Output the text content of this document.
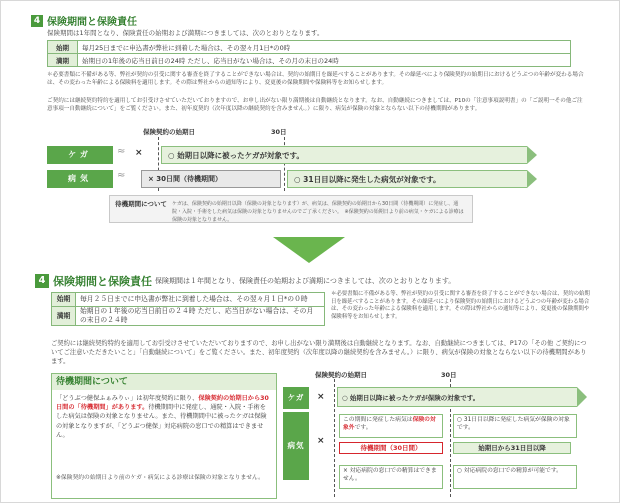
4 保険期間と保険責任
保険期間は1年間となり、保険責任の始期および満期につきましては、次のとおりとなります。
始期	毎月25日までに申込書が弊社に到着した場合は、その翌々月1日*の0時
満期	始期日の1年後の応当日前日の24時 ただし、応当日がない場合は、その月の末日の24時
＊必要書類に不備がある等、弊社が契約の引受に関する審査を終了することができない場合は、契約の始期日を繰延べすることがあります。その繰延べにより保険契約の始期日におけるどうぶつの年齢が変わる場合は、その変わった年齢による保険料を適用します。その際は弊社からの通知等により、変更後の保険期間や保険料等をお知らせします。
ご契約には継続契約特約を適用してお引受けさせていただいておりますので、お申し出がない限り満期後は自動継続となります。なお、自動継続につきましては、P10の「注意事項説明書」の「ご説明一その他ご注意事項一自動継続について」をご覧ください。また、初年度契約（次年度以降の継続契約を含みません。）に限り、病気が保険の対象とならない以下の待機期間があります。
保険契約の始期日	30日
ケガ
病気
≈
≈
×	○ 始期日以降に被ったケガが対象です。
× 30日間（待機期間）	○ 31日目以降に発生した病気が対象です。
待機期間について ケガは、保険契約の始期日以降（保険の対象となります）が、病気は、保険契約の始期日から30日間（待機期間）に発症し、通院・入院・手術をした病気は保険の対象となりませんのでご了承ください。　※保険契約の始期日より前の病気・ケガによる診療は保険の対象となりません。
4 保険期間と保険責任 保険期間は１年間となり、保険責任の始期および満期につきましては、次のとおりとなります。
始期	毎月２５日までに申込書が弊社に到着した場合は、その翌々月１日*の０時
満期	始期日の１年後の応当日前日の２４時 ただし、応当日がない場合は、その月の末日の２４時
＊必要書類に不備がある等、弊社が契約の引受に関する審査を終了することができない場合は、契約の始期日を繰延べすることがあります。その繰延べにより保険契約の始期日におけるどうぶつの年齢が変わる場合は、その変わった年齢による保険料を適用します。その際は弊社からの通知等により、変更後の保険期間や保険料等をお知らせします。
ご契約には継続契約特約を適用してお引受けさせていただいておりますので、お申し出がない限り満期後は自動継続となります。なお、自動継続につきましては、P17の「その他 ご契約についてご注意いただきたいこと」「自動継続について」をご覧ください。また、初年度契約（次年度以降の継続契約を含みません。）に限り、病気が保険の対象とならない以下の待機期間があります。
待機期間について
「どうぶつ健保ふぁみりぃ」は初年度契約に限り、保険契約の始期日から30日間の「待機期間」があります。待機期間中に発症し、通院・入院・手術をした病気は保険の対象となりません。また、待機期間中に被ったケガは保険の対象となりますが、「どうぶつ健保」対応病院の窓口での精算はできません。
※保険契約の始期日より前のケガ・病気による診療は保険の対象となりません。
保険契約の始期日	30日
ケガ
病気
×
×
○ 始期日以降に被ったケガが保険の対象です。
この期間に発症した病気は保険の対象外です。
○ 31日目以降に発症した病気が保険の対象です。
待機期間（30日間）	始期日から31日目以降
× 対応病院の窓口での精算はできません。
○ 対応病院の窓口での精算が可能です。
